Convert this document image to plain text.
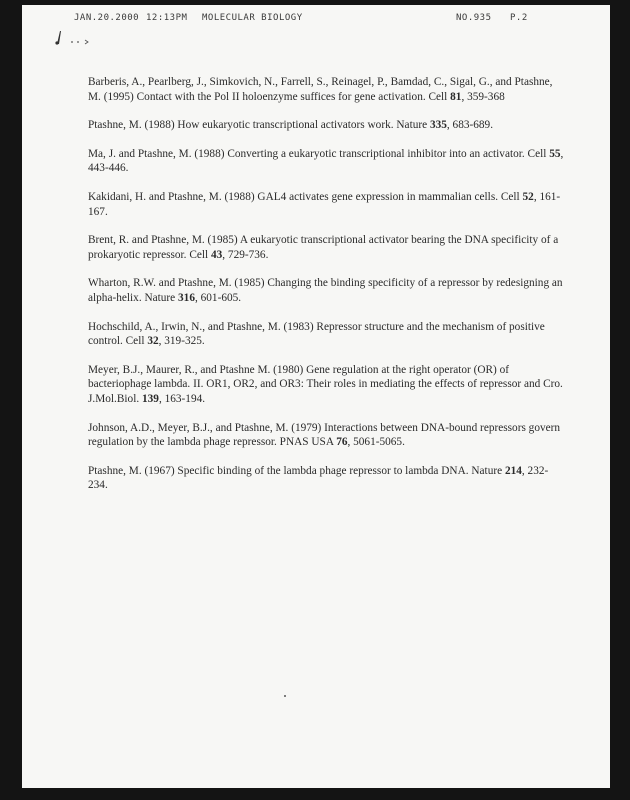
JAN.20.2000 12:13PM MOLECULAR BIOLOGY	NO.935 P.2

Barberis, A., Pearlberg, J., Simkovich, N., Farrell, S., Reinagel, P., Bamdad, C., Sigal, G., and Ptashne, M. (1995) Contact with the Pol II holoenzyme suffices for gene activation. Cell 81, 359-368

Ptashne, M. (1988) How eukaryotic transcriptional activators work. Nature 335, 683-689.

Ma, J. and Ptashne, M. (1988) Converting a eukaryotic transcriptional inhibitor into an activator. Cell 55, 443-446.

Kakidani, H. and Ptashne, M. (1988) GAL4 activates gene expression in mammalian cells. Cell 52, 161-167.

Brent, R. and Ptashne, M. (1985) A eukaryotic transcriptional activator bearing the DNA specificity of a prokaryotic repressor. Cell 43, 729-736.

Wharton, R.W. and Ptashne, M. (1985) Changing the binding specificity of a repressor by redesigning an alpha-helix. Nature 316, 601-605.

Hochschild, A., Irwin, N., and Ptashne, M. (1983) Repressor structure and the mechanism of positive control. Cell 32, 319-325.

Meyer, B.J., Maurer, R., and Ptashne M. (1980) Gene regulation at the right operator (OR) of bacteriophage lambda. II. OR1, OR2, and OR3: Their roles in mediating the effects of repressor and Cro. J.Mol.Biol. 139, 163-194.

Johnson, A.D., Meyer, B.J., and Ptashne, M. (1979) Interactions between DNA-bound repressors govern regulation by the lambda phage repressor. PNAS USA 76, 5061-5065.

Ptashne, M. (1967) Specific binding of the lambda phage repressor to lambda DNA. Nature 214, 232-234.
